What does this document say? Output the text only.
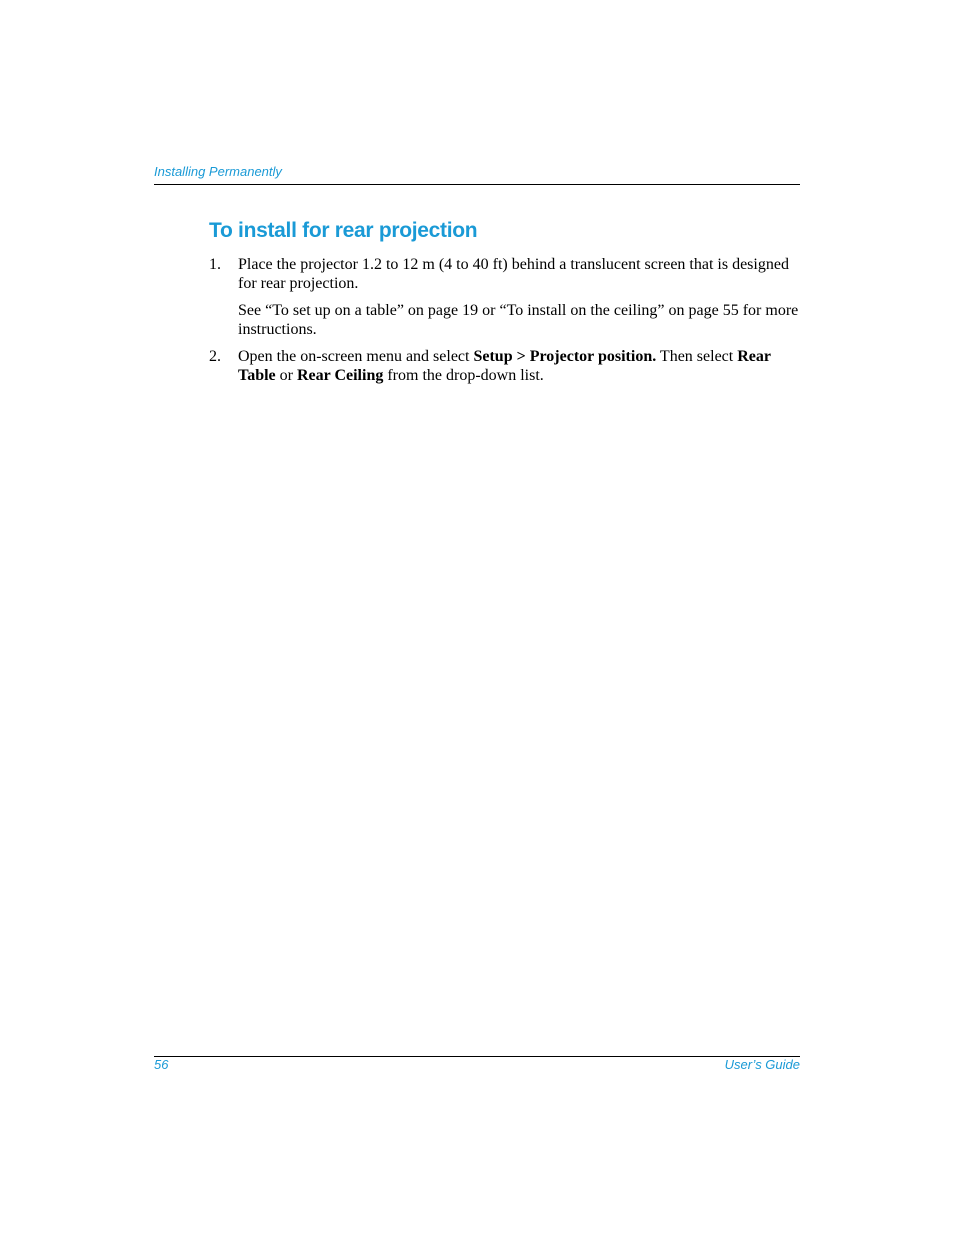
Installing Permanently
To install for rear projection
1. Place the projector 1.2 to 12 m (4 to 40 ft) behind a translucent screen that is designed for rear projection.

See “To set up on a table” on page 19 or “To install on the ceiling” on page 55 for more instructions.

2. Open the on-screen menu and select Setup > Projector position. Then select Rear Table or Rear Ceiling from the drop-down list.

56	User’s Guide
